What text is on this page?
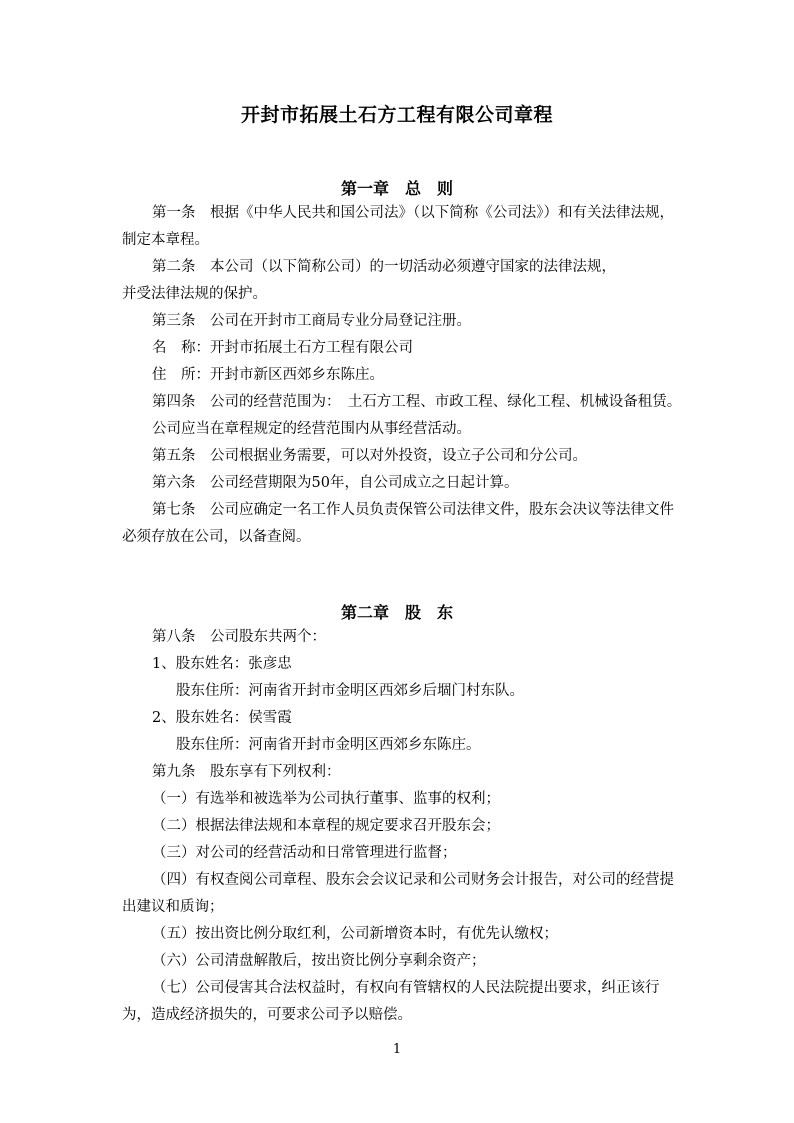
开封市拓展土石方工程有限公司章程
第一章　总　则

第一条　根据《中华人民共和国公司法》（以下简称《公司法》）和有关法律法规，制定本章程。

第二条　本公司（以下简称公司）的一切活动必须遵守国家的法律法规，

并受法律法规的保护。

第三条　公司在开封市工商局专业分局登记注册。

名　称：开封市拓展土石方工程有限公司

住　所：开封市新区西郊乡东陈庄。

第四条　公司的经营范围为：　土石方工程、市政工程、绿化工程、机械设备租赁。

公司应当在章程规定的经营范围内从事经营活动。

第五条　公司根据业务需要，可以对外投资，设立子公司和分公司。

第六条　公司经营期限为50年，自公司成立之日起计算。

第七条　公司应确定一名工作人员负责保管公司法律文件，股东会决议等法律文件必须存放在公司，以备查阅。

第二章　股　东

第八条　公司股东共两个：

1、股东姓名：张彦忠

股东住所：河南省开封市金明区西郊乡后堌门村东队。

2、股东姓名：侯雪霞

股东住所：河南省开封市金明区西郊乡东陈庄。

第九条　股东享有下列权利：

（一）有选举和被选举为公司执行董事、监事的权利；

（二）根据法律法规和本章程的规定要求召开股东会；

（三）对公司的经营活动和日常管理进行监督；

（四）有权查阅公司章程、股东会会议记录和公司财务会计报告，对公司的经营提出建议和质询；

（五）按出资比例分取红利，公司新增资本时，有优先认缴权；

（六）公司清盘解散后，按出资比例分享剩余资产；

（七）公司侵害其合法权益时，有权向有管辖权的人民法院提出要求，纠正该行为，造成经济损失的，可要求公司予以赔偿。

1
